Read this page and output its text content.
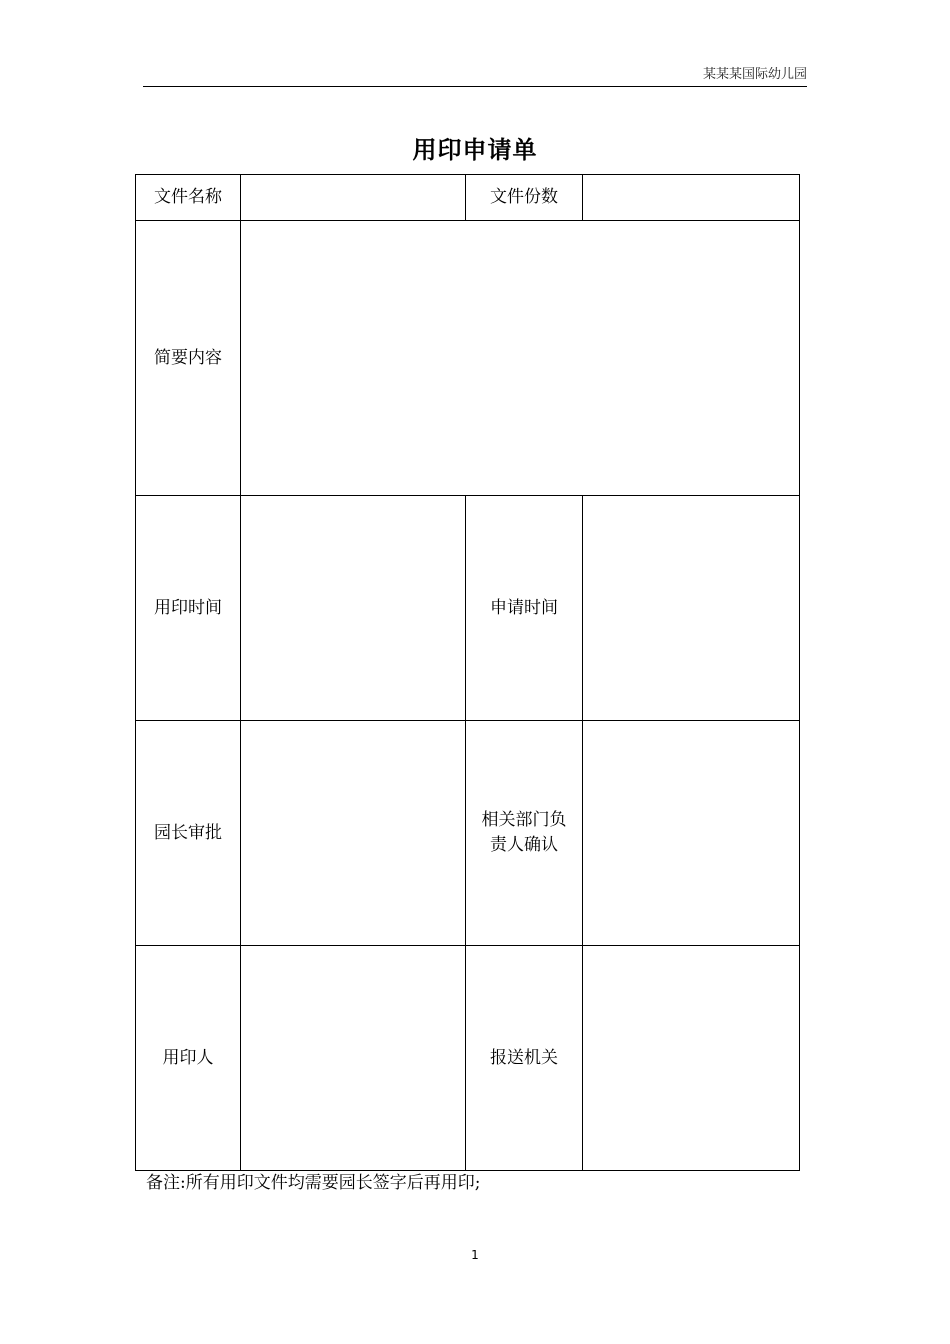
某某某国际幼儿园
用印申请单
文件名称		文件份数	
简要内容			
用印时间		申请时间	
园长审批		相关部门负
责人确认	

用印人		报送机关	
备注:所有用印文件均需要园长签字后再用印;
1
